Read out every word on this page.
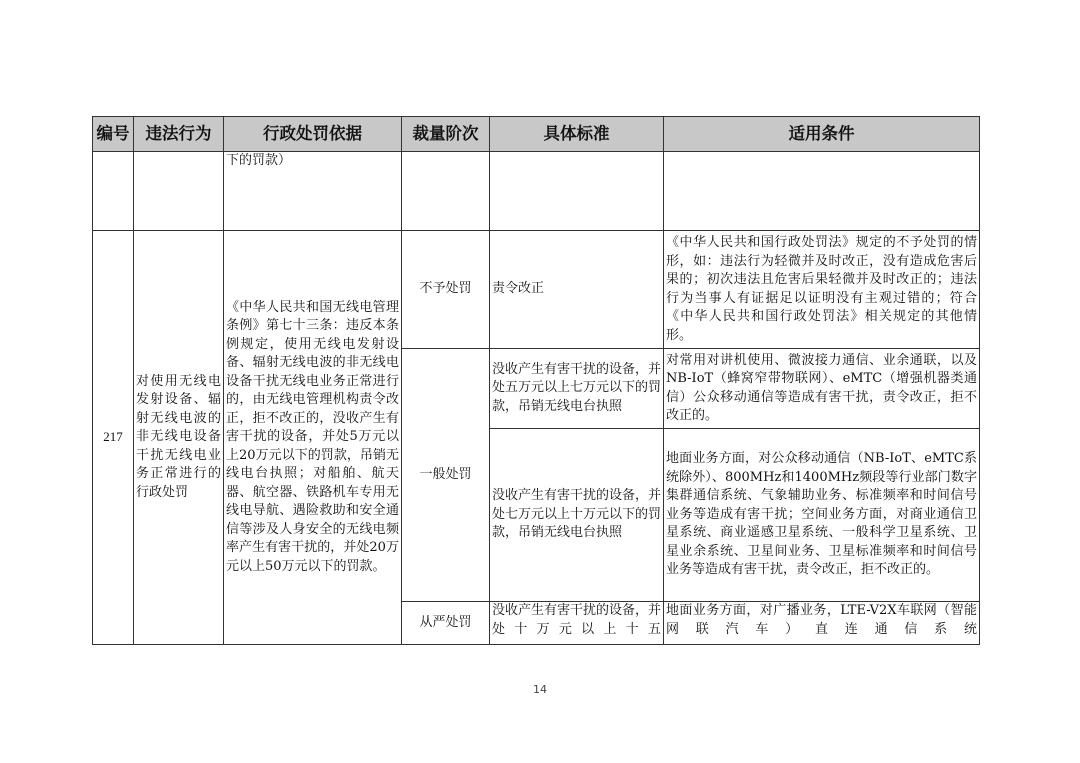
编号	违法行为	行政处罚依据	裁量阶次	具体标准	适用条件
		下的罚款）			
217	对使用无线电发射设备、辐射无线电波的非无线电设备干扰无线电业务正常进行的行政处罚	《中华人民共和国无线电管理条例》第七十三条：违反本条例规定，使用无线电发射设备、辐射无线电波的非无线电设备干扰无线电业务正常进行的，由无线电管理机构责令改正，拒不改正的，没收产生有害干扰的设备，并处5万元以上20万元以下的罚款，吊销无线电台执照；对船舶、航天器、航空器、铁路机车专用无线电导航、遇险救助和安全通信等涉及人身安全的无线电频率产生有害干扰的，并处20万元以上50万元以下的罚款。	不予处罚	责令改正	《中华人民共和国行政处罚法》规定的不予处罚的情形，如：违法行为轻微并及时改正，没有造成危害后果的；初次违法且危害后果轻微并及时改正的；违法行为当事人有证据足以证明没有主观过错的；符合《中华人民共和国行政处罚法》相关规定的其他情形。
			一般处罚	没收产生有害干扰的设备，并处五万元以上七万元以下的罚款，吊销无线电台执照	对常用对讲机使用、微波接力通信、业余通联，以及NB-IoT（蜂窝窄带物联网）、eMTC（增强机器类通信）公众移动通信等造成有害干扰，责令改正，拒不改正的。
				没收产生有害干扰的设备，并处七万元以上十万元以下的罚款，吊销无线电台执照	地面业务方面，对公众移动通信（NB-IoT、eMTC系统除外）、800MHz和1400MHz频段等行业部门数字集群通信系统、气象辅助业务、标准频率和时间信号业务等造成有害干扰；空间业务方面，对商业通信卫星系统、商业遥感卫星系统、一般科学卫星系统、卫星业余系统、卫星间业务、卫星标准频率和时间信号业务等造成有害干扰，责令改正，拒不改正的。
			从严处罚	没收产生有害干扰的设备，并处十万元以上十五	地面业务方面，对广播业务，LTE-V2X车联网（智能网联汽车）直连通信系统
14
